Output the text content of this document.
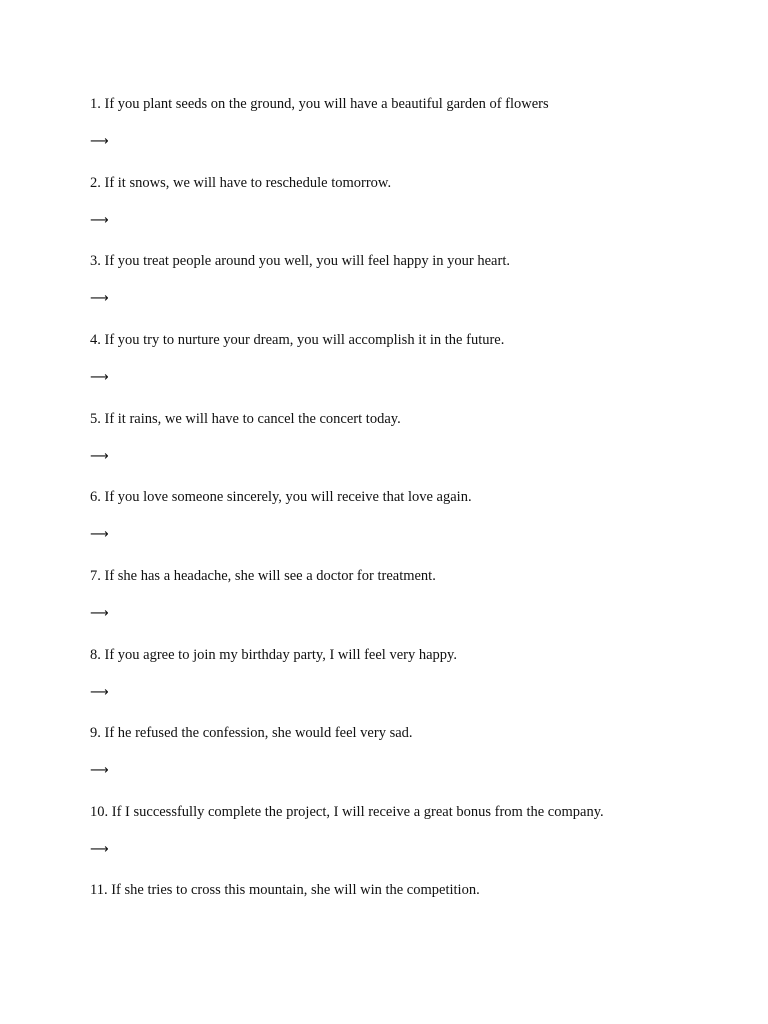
1. If you plant seeds on the ground, you will have a beautiful garden of flowers

⟶

2. If it snows, we will have to reschedule tomorrow.

⟶

3. If you treat people around you well, you will feel happy in your heart.

⟶

4. If you try to nurture your dream, you will accomplish it in the future.

⟶

5. If it rains, we will have to cancel the concert today.

⟶

6. If you love someone sincerely, you will receive that love again.

⟶

7. If she has a headache, she will see a doctor for treatment.

⟶

8. If you agree to join my birthday party, I will feel very happy.

⟶

9. If he refused the confession, she would feel very sad.

⟶

10. If I successfully complete the project, I will receive a great bonus from the company.

⟶

11. If she tries to cross this mountain, she will win the competition.
